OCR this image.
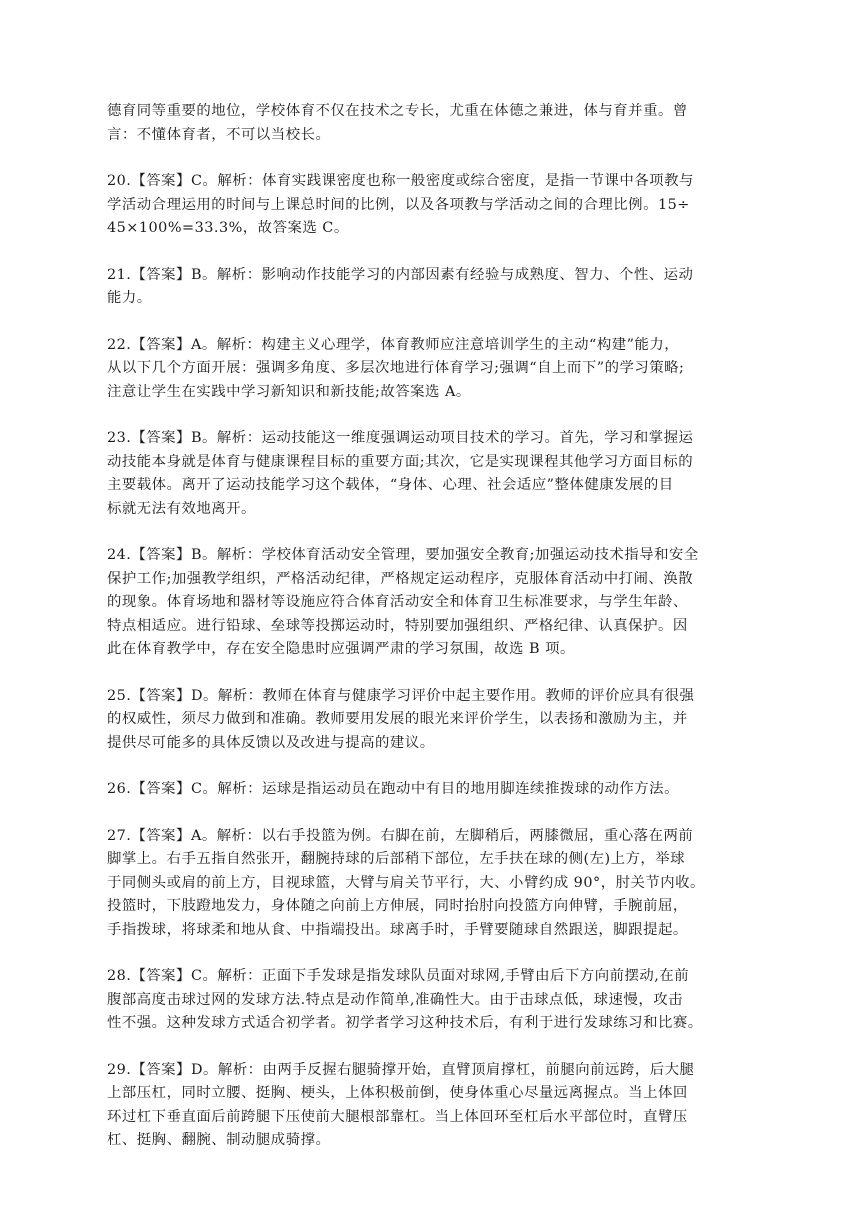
德育同等重要的地位，学校体育不仅在技术之专长，尤重在体德之兼进，体与育并重。曾
言：不懂体育者，不可以当校长。

20.【答案】C。解析：体育实践课密度也称一般密度或综合密度，是指一节课中各项教与
学活动合理运用的时间与上课总时间的比例，以及各项教与学活动之间的合理比例。15÷
45×100%=33.3%，故答案选 C。

21.【答案】B。解析：影响动作技能学习的内部因素有经验与成熟度、智力、个性、运动
能力。

22.【答案】A。解析：构建主义心理学，体育教师应注意培训学生的主动“构建”能力，
从以下几个方面开展：强调多角度、多层次地进行体育学习;强调“自上而下”的学习策略;
注意让学生在实践中学习新知识和新技能;故答案选 A。

23.【答案】B。解析：运动技能这一维度强调运动项目技术的学习。首先，学习和掌握运
动技能本身就是体育与健康课程目标的重要方面;其次，它是实现课程其他学习方面目标的
主要载体。离开了运动技能学习这个载体，“身体、心理、社会适应”整体健康发展的目
标就无法有效地离开。

24.【答案】B。解析：学校体育活动安全管理，要加强安全教育;加强运动技术指导和安全
保护工作;加强教学组织，严格活动纪律，严格规定运动程序，克服体育活动中打闹、涣散
的现象。体育场地和器材等设施应符合体育活动安全和体育卫生标准要求，与学生年龄、
特点相适应。进行铅球、垒球等投掷运动时，特别要加强组织、严格纪律、认真保护。因
此在体育教学中，存在安全隐患时应强调严肃的学习氛围，故选 B 项。

25.【答案】D。解析：教师在体育与健康学习评价中起主要作用。教师的评价应具有很强
的权威性，须尽力做到和准确。教师要用发展的眼光来评价学生，以表扬和激励为主，并
提供尽可能多的具体反馈以及改进与提高的建议。

26.【答案】C。解析：运球是指运动员在跑动中有目的地用脚连续推拨球的动作方法。

27.【答案】A。解析：以右手投篮为例。右脚在前，左脚稍后，两膝微屈，重心落在两前
脚掌上。右手五指自然张开，翻腕持球的后部稍下部位，左手扶在球的侧(左)上方，举球
于同侧头或肩的前上方，目视球篮，大臂与肩关节平行，大、小臂约成 90°，肘关节内收。
投篮时，下肢蹬地发力，身体随之向前上方伸展，同时抬肘向投篮方向伸臂，手腕前屈，
手指拨球，将球柔和地从食、中指端投出。球离手时，手臂要随球自然跟送，脚跟提起。

28.【答案】C。解析：正面下手发球是指发球队员面对球网,手臂由后下方向前摆动,在前
腹部高度击球过网的发球方法.特点是动作简单,准确性大。由于击球点低，球速慢，攻击
性不强。这种发球方式适合初学者。初学者学习这种技术后，有利于进行发球练习和比赛。

29.【答案】D。解析：由两手反握右腿骑撑开始，直臂顶肩撑杠，前腿向前远跨，后大腿
上部压杠，同时立腰、挺胸、梗头，上体积极前倒，使身体重心尽量远离握点。当上体回
环过杠下垂直面后前跨腿下压使前大腿根部靠杠。当上体回环至杠后水平部位时，直臂压
杠、挺胸、翻腕、制动腿成骑撑。
